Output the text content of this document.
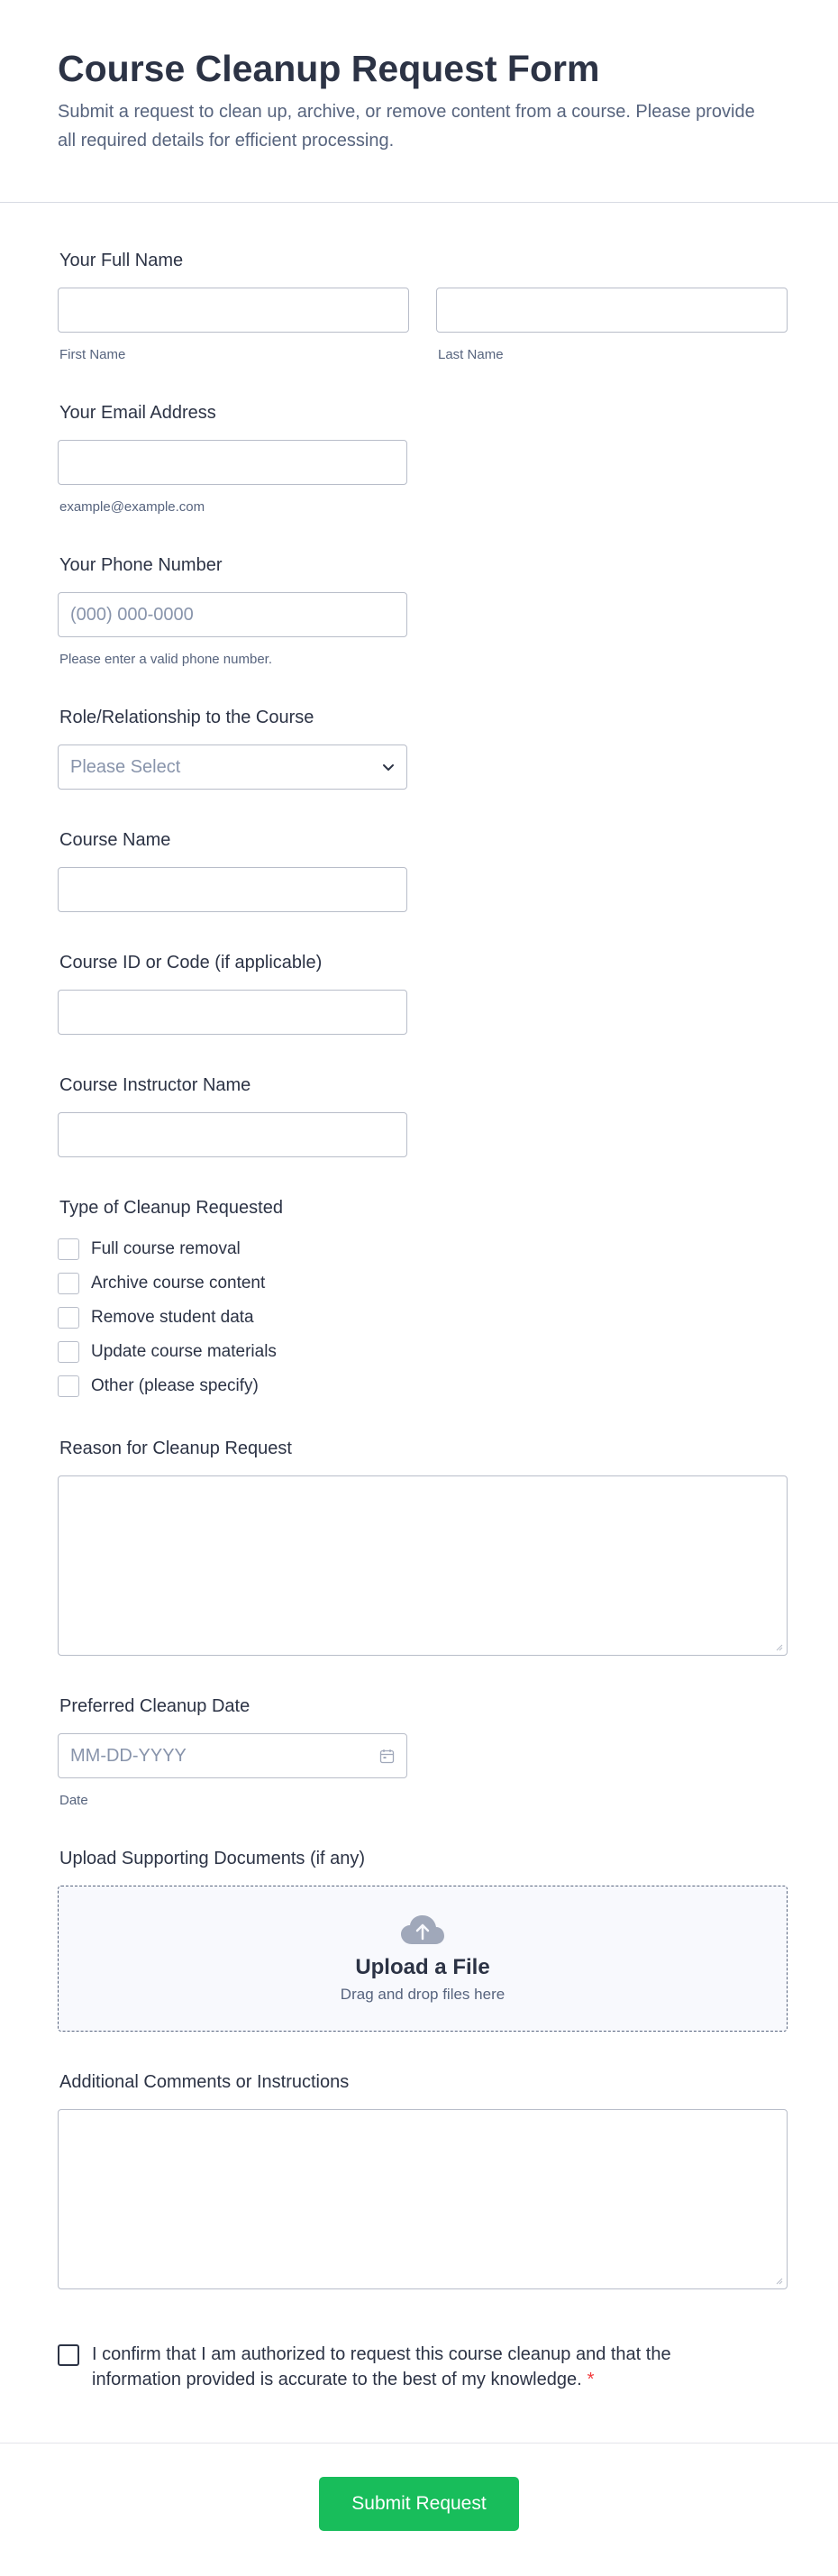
Course Cleanup Request Form
Submit a request to clean up, archive, or remove content from a course. Please provide all required details for efficient processing.
Your Full Name
First Name	Last Name
Your Email Address
example@example.com
Your Phone Number
(000) 000-0000
Please enter a valid phone number.
Role/Relationship to the Course
Please Select
Course Name
Course ID or Code (if applicable)
Course Instructor Name
Type of Cleanup Requested
Full course removal
Archive course content
Remove student data
Update course materials
Other (please specify)
Reason for Cleanup Request
Preferred Cleanup Date
MM-DD-YYYY
Date
Upload Supporting Documents (if any)
Upload a File
Drag and drop files here
Additional Comments or Instructions
I confirm that I am authorized to request this course cleanup and that the information provided is accurate to the best of my knowledge. *
Submit Request
